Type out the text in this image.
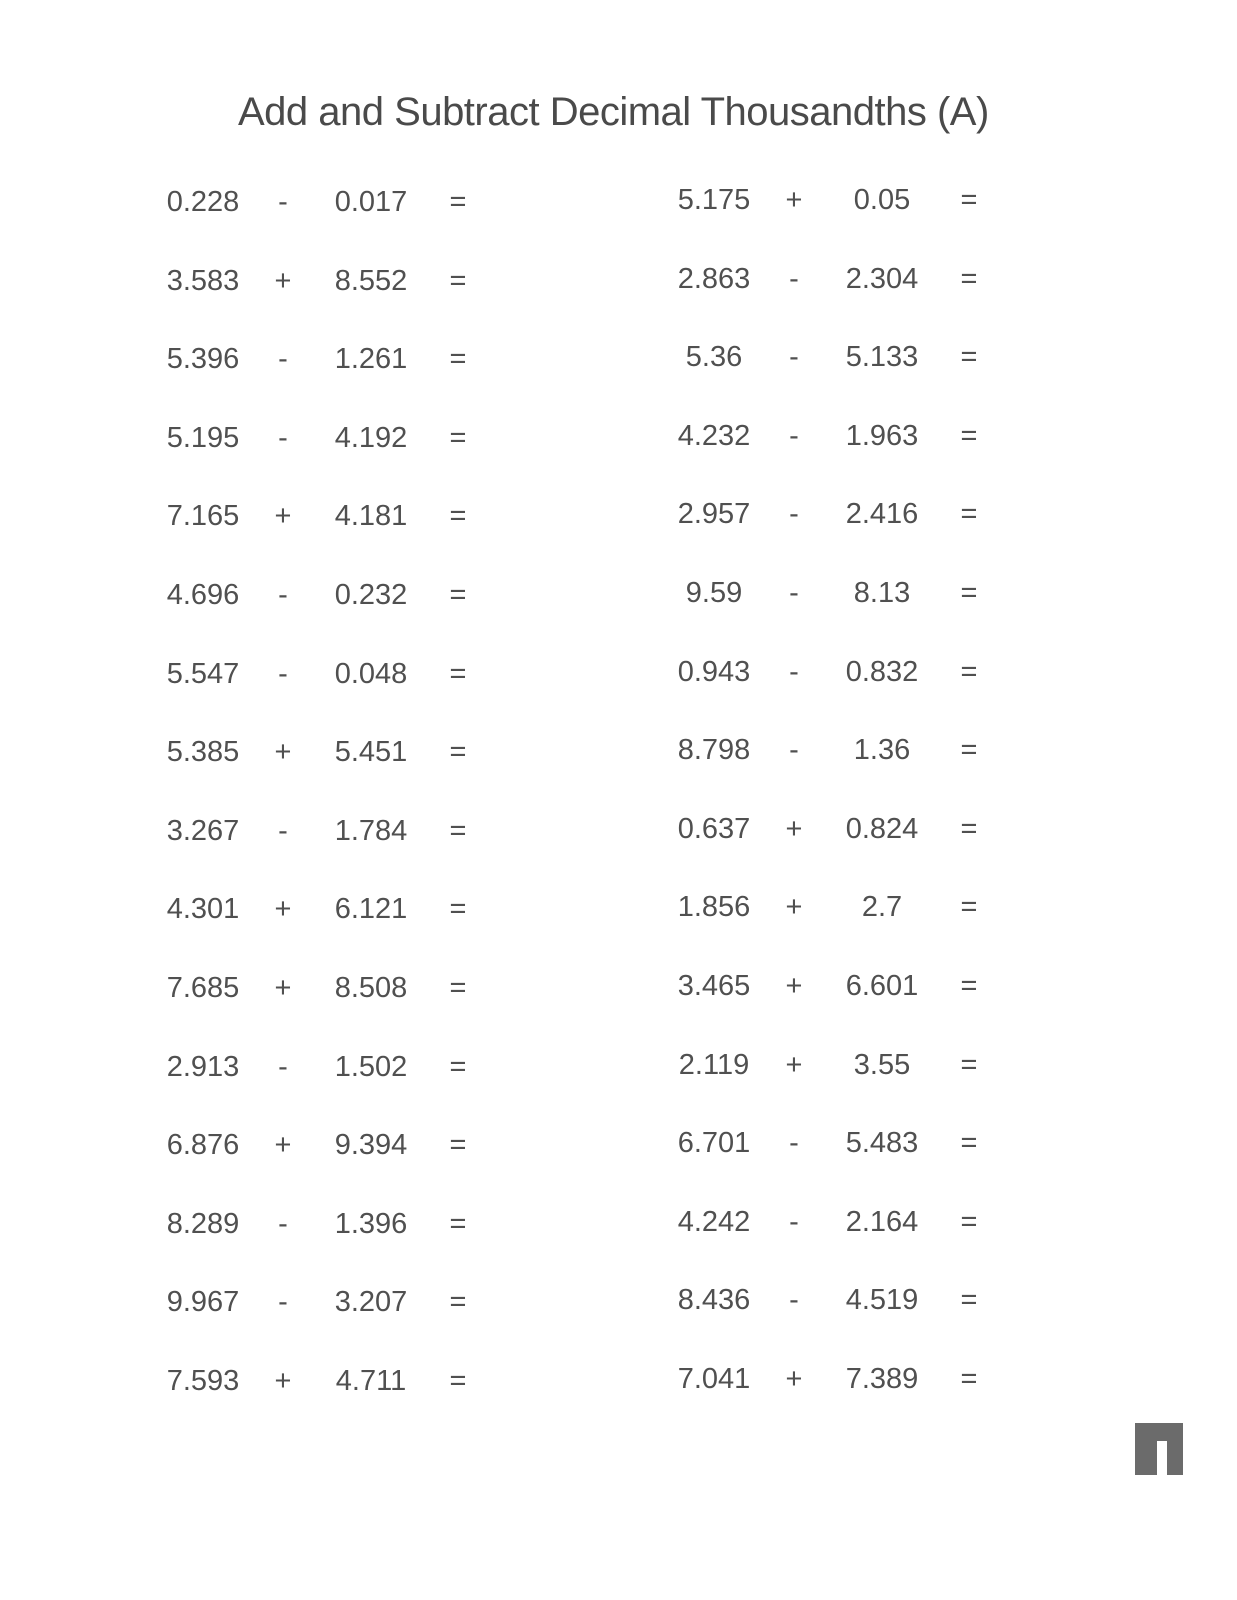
Add and Subtract Decimal Thousandths (A)
0.228	-	0.017 =
3.583 + 8.552 =
5.396	-	1.261 =
5.195	-	4.192 =
7.165 + 4.181 =
4.696	-	0.232 =
5.547	-	0.048 =
5.385 + 5.451 =
3.267	-	1.784 =
4.301 + 6.121 =
7.685 + 8.508 =
2.913	-	1.502 =
6.876 + 9.394 =
8.289	-	1.396 =
9.967	-	3.207 =
7.593 + 4.711 =
5.175 +	0.05	=
2.863	-	2.304 =
5.36	-	5.133 =
4.232	-	1.963 =
2.957	-	2.416 =
9.59	-	8.13	=
0.943	-	0.832 =
8.798	-	1.36	=
0.637 + 0.824 =
1.856 +	2.7	=
3.465 + 6.601 =
2.119 +	3.55	=
6.701	-	5.483 =
4.242	-	2.164 =
8.436	-	4.519 =
7.041 + 7.389 =
